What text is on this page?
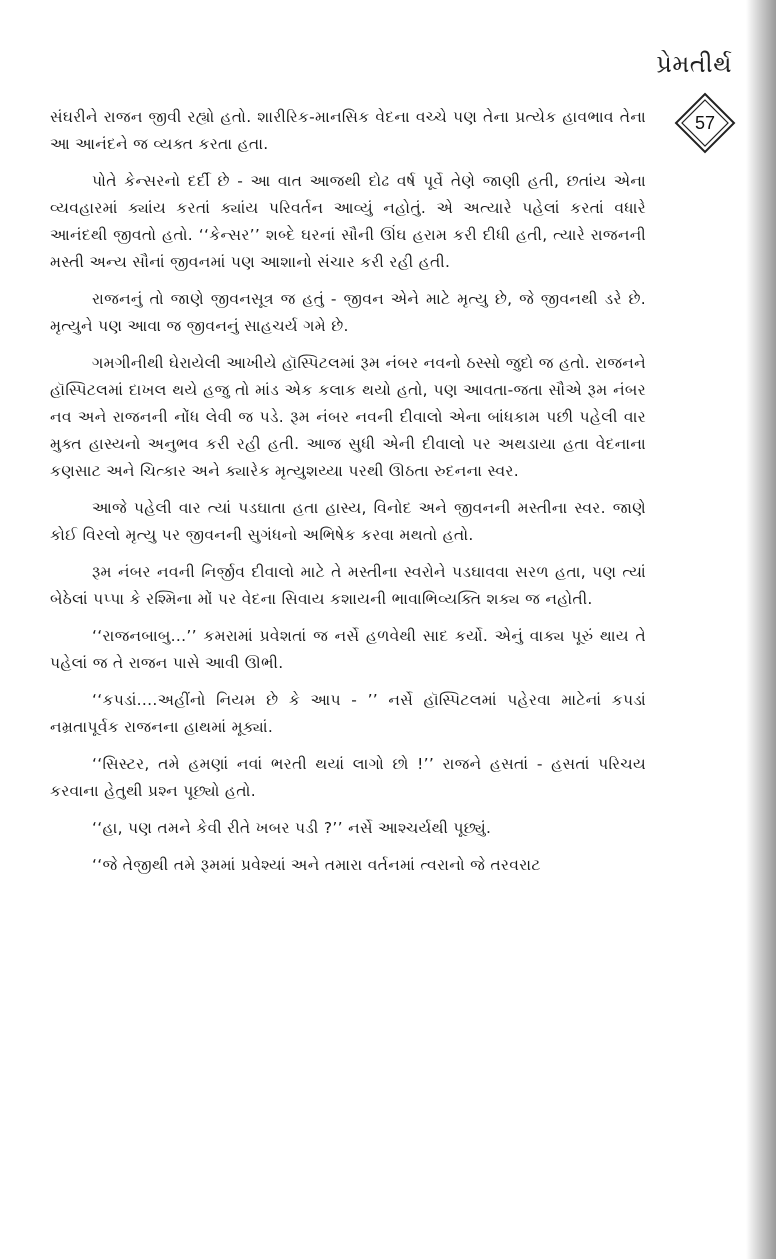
પ્રેમતીર્થ
57

સંઘરીને રાજન જીવી રહ્યો હતો. શારીરિક-માનસિક વેદના વચ્ચે પણ તેના પ્રત્યેક હાવભાવ તેના આ આનંદને જ વ્યક્ત કરતા હતા.

પોતે કેન્સરનો દર્દી છે - આ વાત આજથી દોઢ વર્ષ પૂર્વે તેણે જાણી હતી, છતાંય એના વ્યવહારમાં ક્યાંય કરતાં ક્યાંય પરિવર્તન આવ્યું નહોતું. એ અત્યારે પહેલાં કરતાં વધારે આનંદથી જીવતો હતો. ‘‘કેન્સર’’ શબ્દે ઘરનાં સૌની ઊંઘ હરામ કરી દીધી હતી, ત્યારે રાજનની મસ્તી અન્ય સૌનાં જીવનમાં પણ આશાનો સંચાર કરી રહી હતી.

રાજનનું તો જાણે જીવનસૂત્ર જ હતું - જીવન એને માટે મૃત્યુ છે, જે જીવનથી ડરે છે. મૃત્યુને પણ આવા જ જીવનનું સાહચર્ય ગમે છે.

ગમગીનીથી ઘેરાયેલી આખીયે હૉસ્પિટલમાં રૂમ નંબર નવનો ઠસ્સો જુદો જ હતો. રાજનને હૉસ્પિટલમાં દાખલ થયે હજુ તો માંડ એક કલાક થયો હતો, પણ આવતા-જતા સૌએ રૂમ નંબર નવ અને રાજનની નોંધ લેવી જ પડે. રૂમ નંબર નવની દીવાલો એના બાંધકામ પછી પહેલી વાર મુક્ત હાસ્યનો અનુભવ કરી રહી હતી. આજ સુધી એની દીવાલો પર અથડાયા હતા વેદનાના કણસાટ અને ચિત્કાર અને ક્યારેક મૃત્યુશય્યા પરથી ઊઠતા રુદનના સ્વર.

આજે પહેલી વાર ત્યાં પડઘાતા હતા હાસ્ય, વિનોદ અને જીવનની મસ્તીના સ્વર. જાણે કોઈ વિરલો મૃત્યુ પર જીવનની સુગંધનો અભિષેક કરવા મથતો હતો.

રૂમ નંબર નવની નિર્જીવ દીવાલો માટે તે મસ્તીના સ્વરોને પડઘાવવા સરળ હતા, પણ ત્યાં બેઠેલાં પપ્પા કે રશ્મિના મોં પર વેદના સિવાય કશાયની ભાવાભિવ્યક્તિ શક્ય જ નહોતી.

‘‘રાજનબાબુ...’’ કમરામાં પ્રવેશતાં જ નર્સે હળવેથી સાદ કર્યો. એનું વાક્ય પૂરું થાય તે પહેલાં જ તે રાજન પાસે આવી ઊભી.

‘‘કપડાં....અહીંનો નિયમ છે કે આપ - ’’ નર્સે હૉસ્પિટલમાં પહેરવા માટેનાં કપડાં નમ્રતાપૂર્વક રાજનના હાથમાં મૂક્યાં.

‘‘સિસ્ટર, તમે હમણાં નવાં ભરતી થયાં લાગો છો !’’ રાજને હસતાં - હસતાં પરિચય કરવાના હેતુથી પ્રશ્ન પૂછ્યો હતો.

‘‘હા, પણ તમને કેવી રીતે ખબર પડી ?’’ નર્સે આશ્ચર્યથી પૂછ્યું.

‘‘જે તેજીથી તમે રૂમમાં પ્રવેશ્યાં અને તમારા વર્તનમાં ત્વરાનો જે તરવરાટ
